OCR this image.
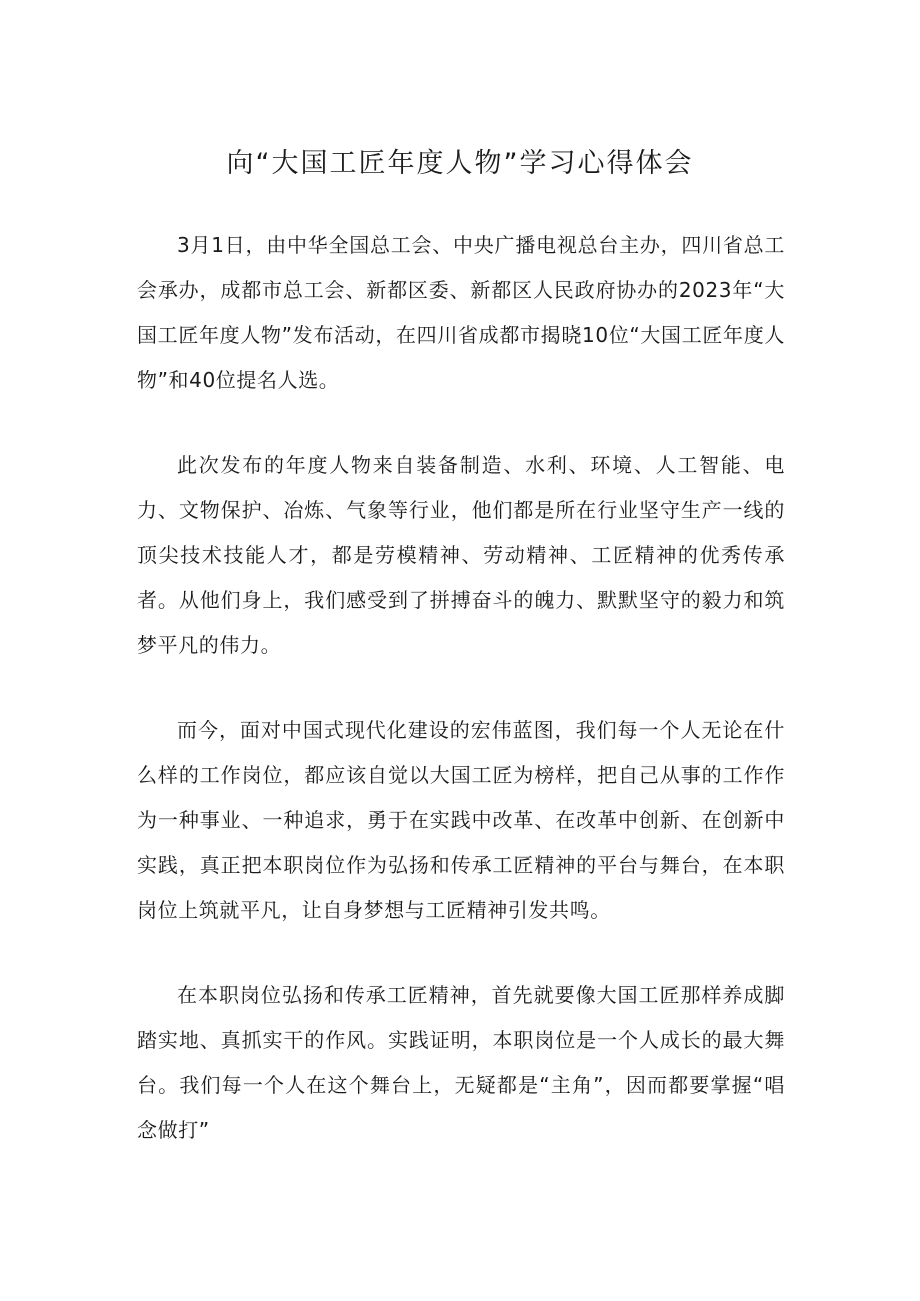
向“大国工匠年度人物”学习心得体会

3月1日，由中华全国总工会、中央广播电视总台主办，四川省总工会承办，成都市总工会、新都区委、新都区人民政府协办的2023年“大国工匠年度人物”发布活动，在四川省成都市揭晓10位“大国工匠年度人物”和40位提名人选。

此次发布的年度人物来自装备制造、水利、环境、人工智能、电力、文物保护、冶炼、气象等行业，他们都是所在行业坚守生产一线的顶尖技术技能人才，都是劳模精神、劳动精神、工匠精神的优秀传承者。从他们身上，我们感受到了拼搏奋斗的魄力、默默坚守的毅力和筑梦平凡的伟力。

而今，面对中国式现代化建设的宏伟蓝图，我们每一个人无论在什么样的工作岗位，都应该自觉以大国工匠为榜样，把自己从事的工作作为一种事业、一种追求，勇于在实践中改革、在改革中创新、在创新中实践，真正把本职岗位作为弘扬和传承工匠精神的平台与舞台，在本职岗位上筑就平凡，让自身梦想与工匠精神引发共鸣。

在本职岗位弘扬和传承工匠精神，首先就要像大国工匠那样养成脚踏实地、真抓实干的作风。实践证明，本职岗位是一个人成长的最大舞台。我们每一个人在这个舞台上，无疑都是“主角”，因而都要掌握“唱念做打”
